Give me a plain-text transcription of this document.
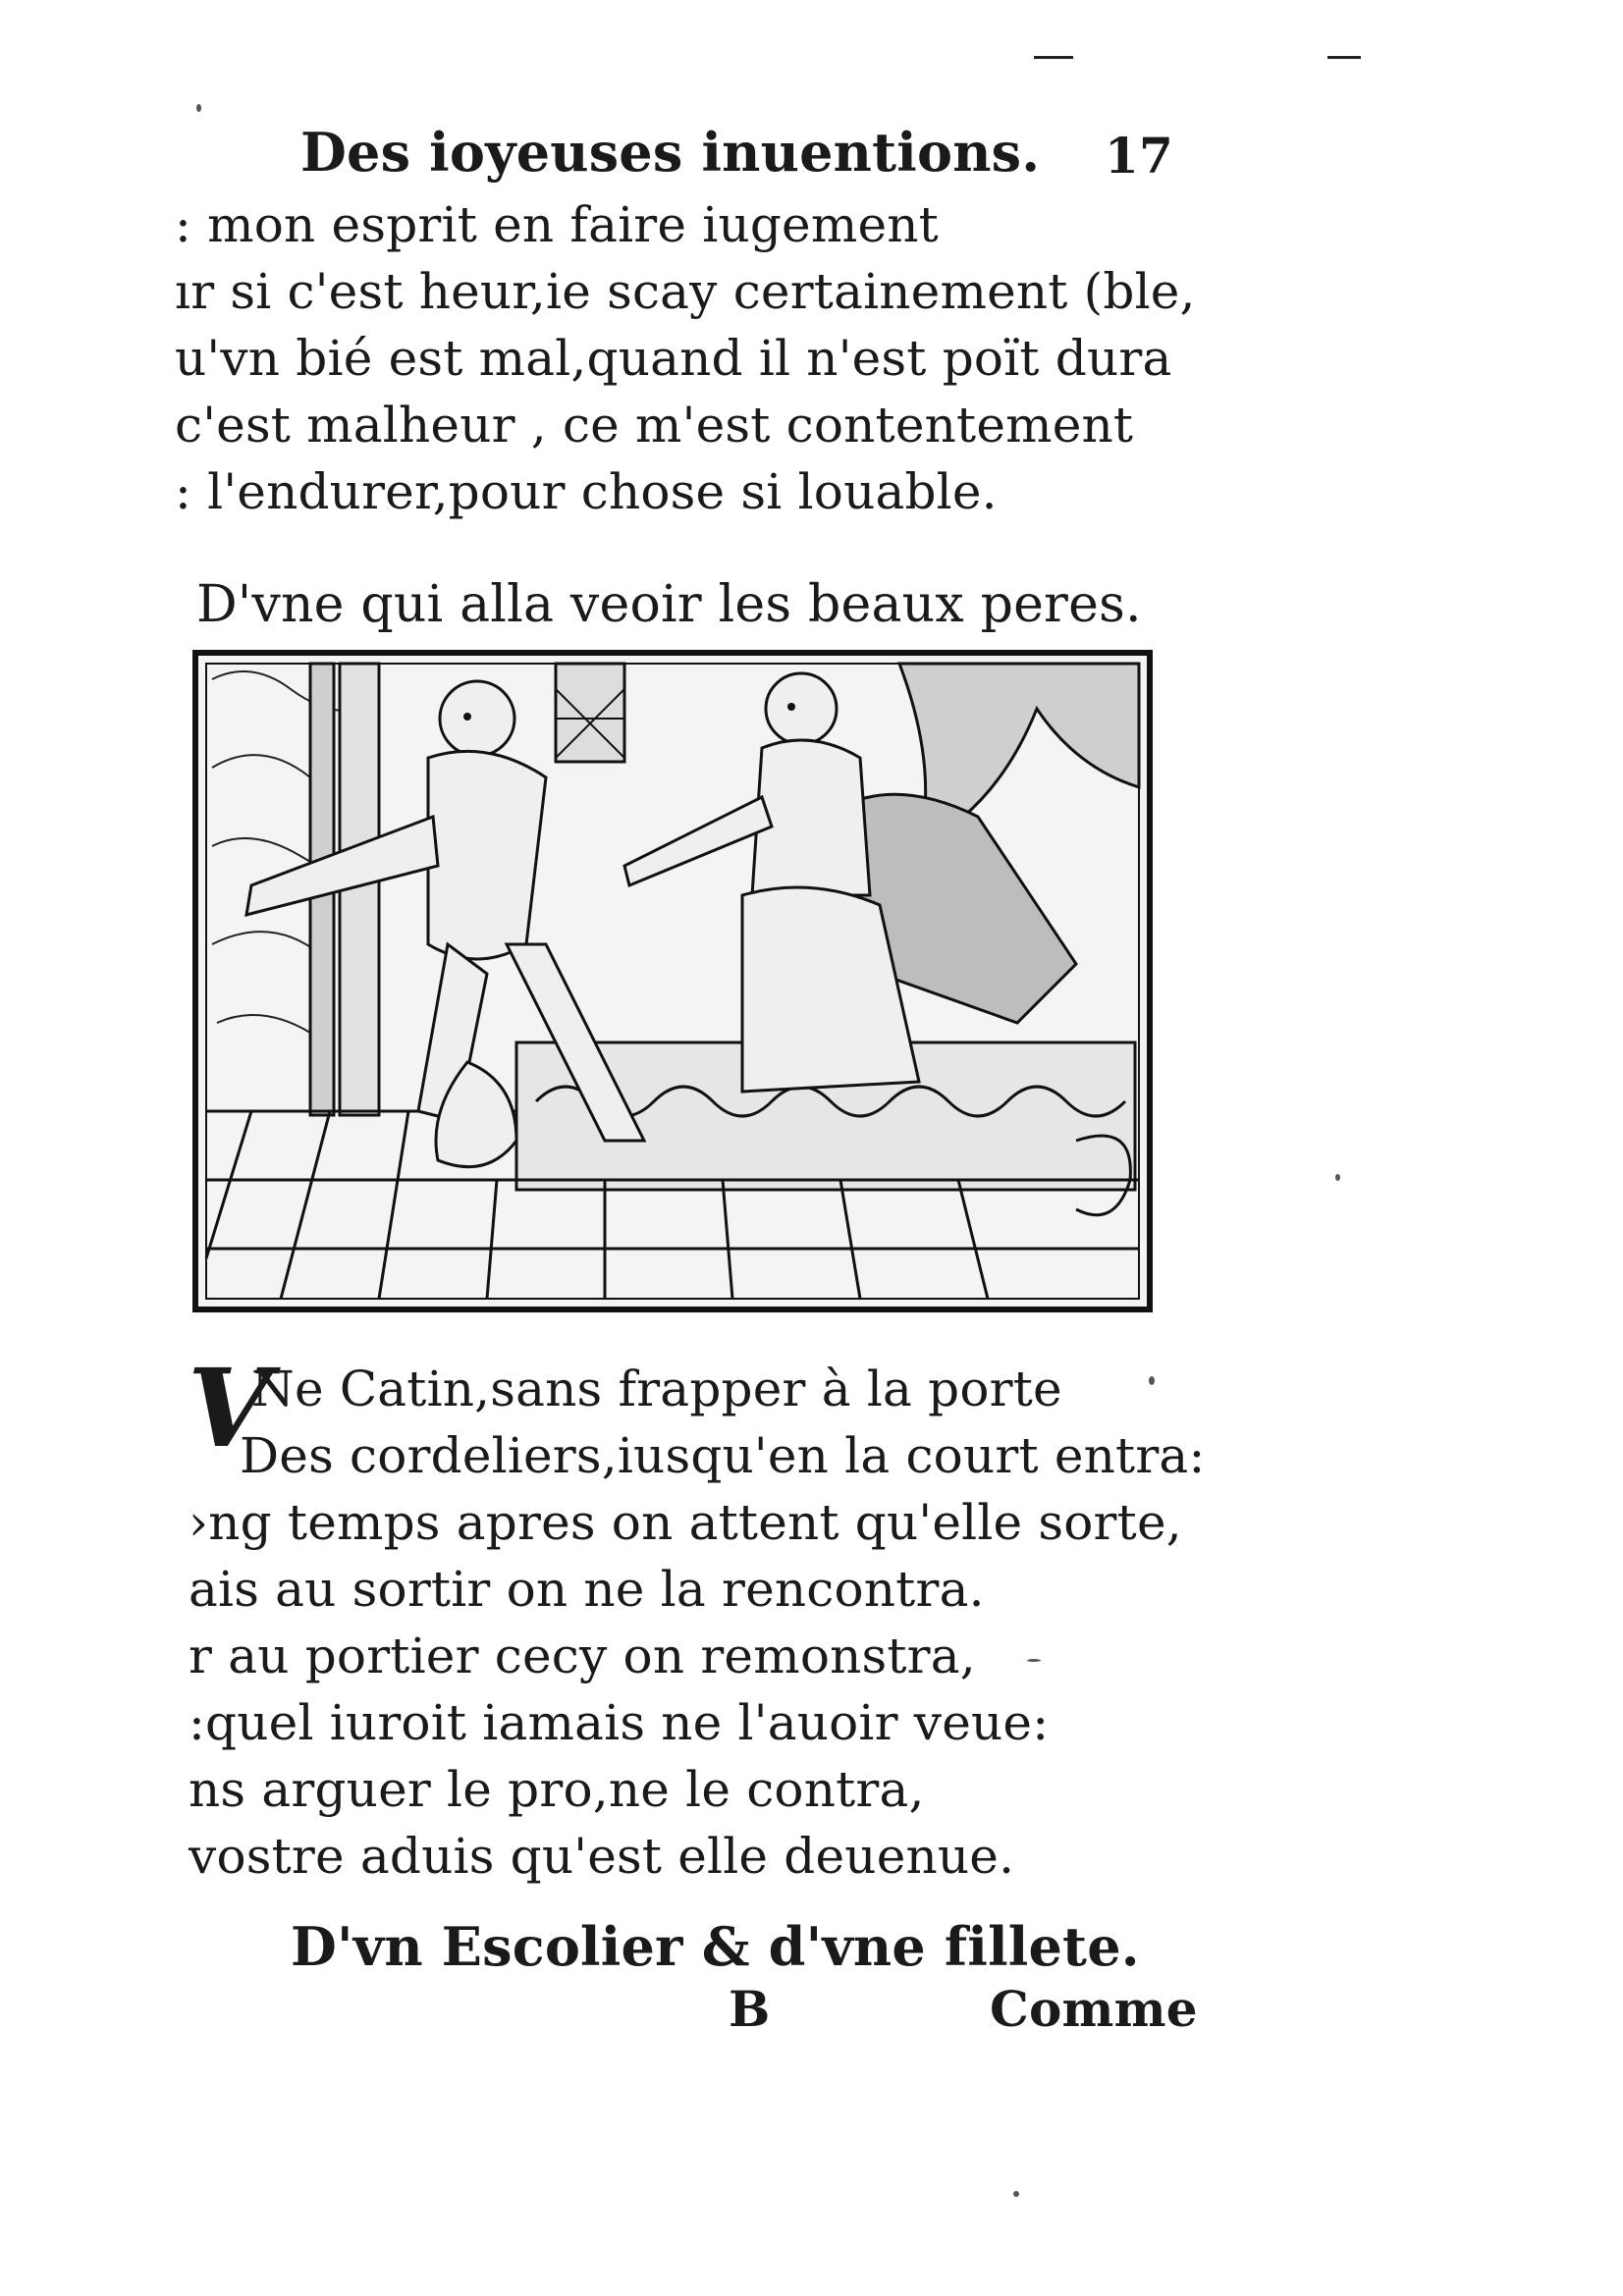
Des ioyeuses inuentions. 17
: mon esprit en faire iugement
ır si c'est heur,ie scay certainement (ble,
u'vn bié est mal,quand il n'est poït dura
c'est malheur , ce m'est contentement
: l'endurer,pour chose si louable.
D'vne qui alla veoir les beaux peres.
V
Ne Catin,sans frapper à la porte
Des cordeliers,iusqu'en la court entra:
›ng temps apres on attent qu'elle sorte,
ais au sortir on ne la rencontra.
r au portier cecy on remonstra,
:quel iuroit iamais ne l'auoir veue:
ns arguer le pro,ne le contra,
vostre aduis qu'est elle deuenue.
D'vn Escolier & d'vne fillete.
B	Comme
